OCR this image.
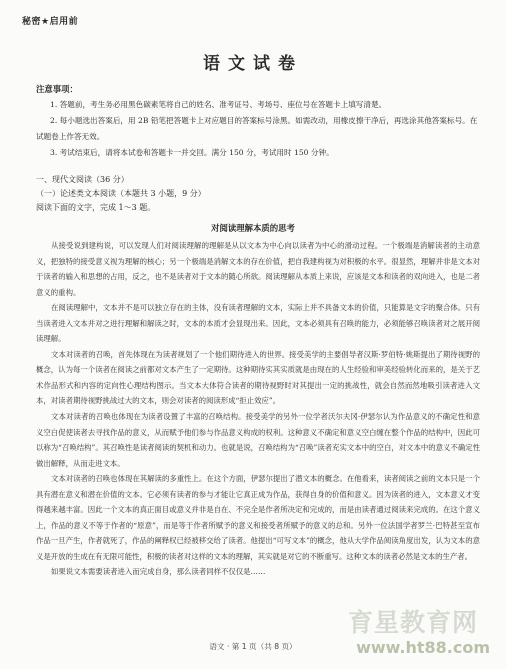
秘密★启用前
语文试卷
注意事项：
1. 答题前，考生务必用黑色碳素笔将自己的姓名、准考证号、考场号、座位号在答题卡上填写清楚。
2. 每小题选出答案后，用 2B 铅笔把答题卡上对应题目的答案标号涂黑。如需改动，用橡皮擦干净后，再选涂其他答案标号。在试题卷上作答无效。
3. 考试结束后，请将本试卷和答题卡一并交回。满分 150 分，考试用时 150 分钟。
一、现代文阅读（36 分）
（一）论述类文本阅读（本题共 3 小题，9 分）
阅读下面的文字，完成 1～3 题。
对阅读理解本质的思考

从接受说到建构说，可以发现人们对阅读理解的理解是从以文本为中心向以读者为中心的滑动过程。一个极端是消解读者的主动意义，把独特的接受意义视为理解的核心；另一个极端是消解文本的存在价值，把自我建构视为对积极的水平。很显然，理解并非是文本对于读者的输入和思想的占用，反之，也不是读者对于文本的随心所欲。阅读理解从本质上来说，应该是文本和读者的双向进入，也是二者意义的重构。

在阅读理解中，文本并不是可以独立存在的主体，没有读者理解的文本，实际上并不具备文本的价值，只能算是文字的聚合体。只有当读者进入文本并对之进行理解和解读之时，文本的本质才会显现出来。因此，文本必须具有召唤的能力，必须能够召唤读者对之展开阅读理解。

文本对读者的召唤，首先体现在为读者规划了一个他们期待进入的世界。接受美学的主要倡导者汉斯·罗伯特·姚斯提出了期待视野的概念，认为每一个读者在阅读之前都对文本产生了一定期待。这种期待实其实质就是由现在的人生经验和审美经验转化而来的，是关于艺术作品形式和内容的定向性心理结构图示。当文本大体符合读者的期待视野时对其提出一定的挑战性，就会自然而然地吸引读者进入文本，对读者期待视野挑战过大的文本，则会对读者的阅读形成“拒止效应”。

文本对读者的召唤也体现在为读者设置了丰富的召唤结构。接受美学的另外一位学者沃尔夫冈·伊瑟尔认为作品意义的不确定性和意义空白促使读者去寻找作品的意义，从而赋予他们参与作品意义构成的权利。这种意义不确定和意义空白缠在整个作品的结构中，因此可以称为“召唤结构”。其召唤性是读者阅读的契机和动力。也就是说，召唤结构为“召唤”读者充实文本中的空白，对文本中的意义不确定性做出解释，从而走进文本。

文本对读者的召唤也体现在其解读的多重性上。在这个方面，伊瑟尔提出了潜文本的概念。在他看来，读者阅读之前的文本只是一个具有潜在意义和潜在价值的文本。它必须有读者的参与才能让它真正成为作品，获得自身的价值和意义。因为读者的进入，文本意义才变得越来越丰富。因此一个文本的真正面目或意义并非是自在、不完全是作者所决定和完成的，而是由读者通过阅读来完成的。在这个意义上，作品的意义不等于作者的“原意”，而是等于作者所赋予的意义和接受者所赋予的意义的总和。另外一位法国学者罗兰·巴特甚至宣布作品一旦产生，作者就死了，作品的阐释权已经被移交给了读者。他提出“可写文本”的概念，他从大学作品阅读角度出发，认为文本的意义是开放的生成在有无限可能性，积极的读者对这样的文本的理解，其实就是对它的不断重写。这种文本的读者必然是文本的生产者。

如果说文本需要读者进入而完成自身，那么读者同样不仅仅是……

育星教育网
www.ht88.com
语文 · 第 1 页（共 8 页）
